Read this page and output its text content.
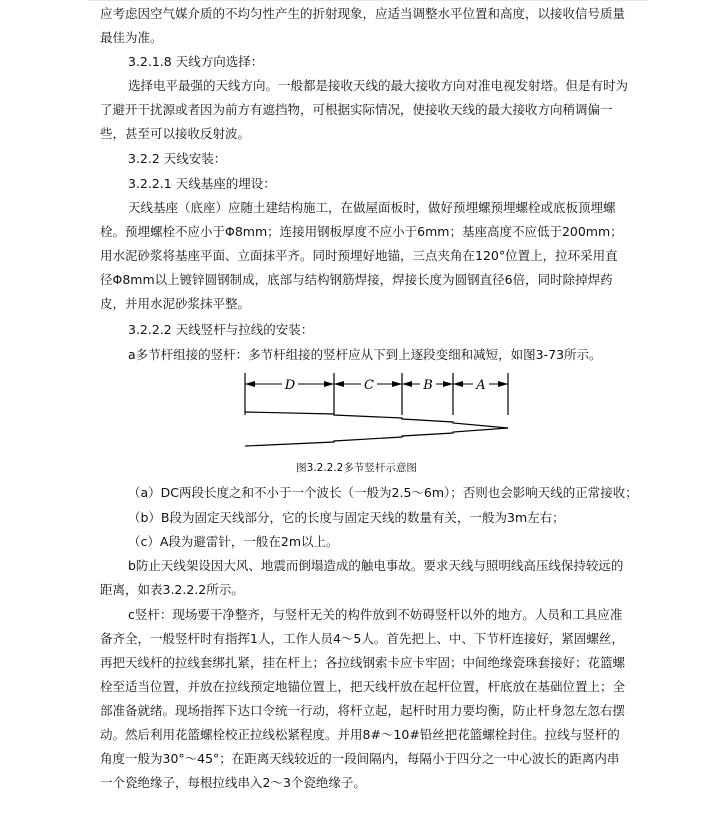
应考虑因空气媒介质的不均匀性产生的折射现象，应适当调整水平位置和高度，以接收信号质量最佳为准。
3.2.1.8 天线方向选择：
选择电平最强的天线方向。一般都是接收天线的最大接收方向对准电视发射塔。但是有时为了避开干扰源或者因为前方有遮挡物，可根据实际情况，使接收天线的最大接收方向稍调偏一些，甚至可以接收反射波。
3.2.2 天线安装：
3.2.2.1 天线基座的埋设：
天线基座（底座）应随土建结构施工，在做屋面板时，做好预埋螺预埋螺栓或底板顶埋螺栓。预埋螺栓不应小于Φ8mm；连接用钢板厚度不应小于6mm；基座高度不应低于200mm；用水泥砂浆将基座平面、立面抹平齐。同时预埋好地锚，三点夹角在120°位置上，拉环采用直径Φ8mm以上镀锌圆钢制成，底部与结构钢筋焊接，焊接长度为圆钢直径6倍，同时除掉焊药皮，并用水泥砂浆抹平整。
3.2.2.2 天线竖杆与拉线的安装：
a多节杆组接的竖杆：多节杆组接的竖杆应从下到上逐段变细和减短，如图3-73所示。
D	C	B	A
图3.2.2.2多节竖杆示意图
（a）DC两段长度之和不小于一个波长（一般为2.5～6m）；否则也会影响天线的正常接收；
（b）B段为固定天线部分，它的长度与固定天线的数量有关，一般为3m左右；
（c）A段为避雷针，一般在2m以上。
b防止天线架设因大风、地震而倒塌造成的触电事故。要求天线与照明线高压线保持较远的距离，如表3.2.2.2所示。
c竖杆：现场要干净整齐，与竖杆无关的构件放到不妨碍竖杆以外的地方。人员和工具应准备齐全，一般竖杆时有指挥1人，工作人员4～5人。首先把上、中、下节杆连接好，紧固螺丝，再把天线杆的拉线套绑扎紧，挂在杆上；各拉线钢索卡应卡牢固；中间绝缘瓷珠套接好；花篮螺栓至适当位置，并放在拉线预定地锚位置上，把天线杆放在起杆位置，杆底放在基础位置上；全部准备就绪。现场指挥下达口令统一行动，将杆立起，起杆时用力要均衡，防止杆身忽左忽右摆动。然后利用花篮螺栓校正拉线松紧程度。并用8#～10#铅丝把花篮螺栓封住。拉线与竖杆的角度一般为30°～45°；在距离天线较近的一段间隔内，每隔小于四分之一中心波长的距离内串一个瓷绝缘子，每根拉线串入2～3个瓷绝缘子。
